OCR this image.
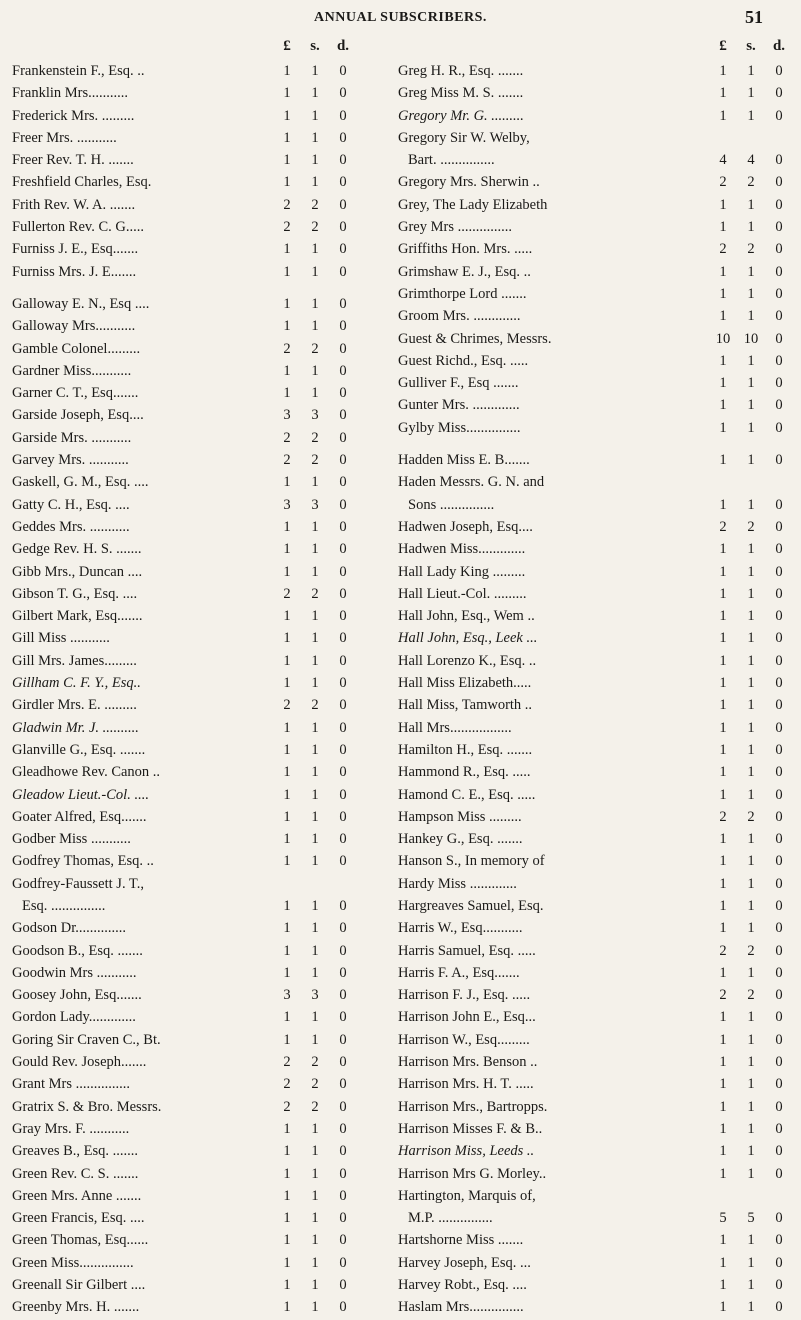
ANNUAL SUBSCRIBERS.	51
£	s.	d.
Frankenstein F., Esq. ..	1	1	0
Franklin Mrs...........	1	1	0
Frederick Mrs. .........	1	1	0
Freer Mrs. ...........	1	1	0
Freer Rev. T. H. .......	1	1	0
Freshfield Charles, Esq.	1	1	0
Frith Rev. W. A. .......	2	2	0
Fullerton Rev. C. G.....	2	2	0
Furniss J. E., Esq.......	1	1	0
Furniss Mrs. J. E.......	1	1	0
Galloway E. N., Esq ....	1	1	0
Galloway Mrs...........	1	1	0
Gamble Colonel.........	2	2	0
Gardner Miss...........	1	1	0
Garner C. T., Esq.......	1	1	0
Garside Joseph, Esq....	3	3	0
Garside Mrs. ...........	2	2	0
Garvey Mrs. ...........	2	2	0
Gaskell, G. M., Esq. ....	1	1	0
Gatty C. H., Esq. ....	3	3	0
Geddes Mrs. ...........	1	1	0
Gedge Rev. H. S. .......	1	1	0
Gibb Mrs., Duncan ....	1	1	0
Gibson T. G., Esq. ....	2	2	0
Gilbert Mark, Esq.......	1	1	0
Gill Miss ...........	1	1	0
Gill Mrs. James.........	1	1	0
Gillham C. F. Y., Esq..	1	1	0
Girdler Mrs. E. .........	2	2	0
Gladwin Mr. J. ..........	1	1	0
Glanville G., Esq. .......	1	1	0
Gleadhowe Rev. Canon ..	1	1	0
Gleadow Lieut.-Col. ....	1	1	0
Goater Alfred, Esq.......	1	1	0
Godber Miss ...........	1	1	0
Godfrey Thomas, Esq. ..	1	1	0
Godfrey-Faussett J. T.,
Esq. ...............	1	1	0
Godson Dr..............	1	1	0
Goodson B., Esq. .......	1	1	0
Goodwin Mrs ...........	1	1	0
Goosey John, Esq.......	3	3	0
Gordon Lady.............	1	1	0
Goring Sir Craven C., Bt.	1	1	0
Gould Rev. Joseph.......	2	2	0
Grant Mrs ...............	2	2	0
Gratrix S. & Bro. Messrs.	2	2	0
Gray Mrs. F. ...........	1	1	0
Greaves B., Esq. .......	1	1	0
Green Rev. C. S. .......	1	1	0
Green Mrs. Anne .......	1	1	0
Green Francis, Esq. ....	1	1	0
Green Thomas, Esq......	1	1	0
Green Miss...............	1	1	0
Greenall Sir Gilbert ....	1	1	0
Greenby Mrs. H. .......	1	1	0
£	s.	d.
Greg H. R., Esq. .......	1	1	0
Greg Miss M. S. .......	1	1	0
Gregory Mr. G. .........	1	1	0
Gregory Sir W. Welby,
Bart. ...............	4	4	0
Gregory Mrs. Sherwin ..	2	2	0
Grey, The Lady Elizabeth	1	1	0
Grey Mrs ...............	1	1	0
Griffiths Hon. Mrs. .....	2	2	0
Grimshaw E. J., Esq. ..	1	1	0
Grimthorpe Lord .......	1	1	0
Groom Mrs. .............	1	1	0
Guest & Chrimes, Messrs.	10 10	0
Guest Richd., Esq. .....	1	1	0
Gulliver F., Esq .......	1	1	0
Gunter Mrs. .............	1	1	0
Gylby Miss...............	1	1	0
Hadden Miss E. B.......	1	1	0
Haden Messrs. G. N. and
Sons ...............	1	1	0
Hadwen Joseph, Esq....	2	2	0
Hadwen Miss.............	1	1	0
Hall Lady King .........	1	1	0
Hall Lieut.-Col. .........	1	1	0
Hall John, Esq., Wem ..	1	1	0
Hall John, Esq., Leek ...	1	1	0
Hall Lorenzo K., Esq. ..	1	1	0
Hall Miss Elizabeth.....	1	1	0
Hall Miss, Tamworth ..	1	1	0
Hall Mrs.................	1	1	0
Hamilton H., Esq. .......	1	1	0
Hammond R., Esq. .....	1	1	0
Hamond C. E., Esq. .....	1	1	0
Hampson Miss .........	2	2	0
Hankey G., Esq. .......	1	1	0
Hanson S., In memory of	1	1	0
Hardy Miss .............	1	1	0
Hargreaves Samuel, Esq.	1	1	0
Harris W., Esq...........	1	1	0
Harris Samuel, Esq. .....	2	2	0
Harris F. A., Esq.......	1	1	0
Harrison F. J., Esq. .....	2	2	0
Harrison John E., Esq...	1	1	0
Harrison W., Esq.........	1	1	0
Harrison Mrs. Benson ..	1	1	0
Harrison Mrs. H. T. .....	1	1	0
Harrison Mrs., Bartropps.	1	1	0
Harrison Misses F. & B..	1	1	0
Harrison Miss, Leeds ..	1	1	0
Harrison Mrs G. Morley..	1	1	0
Hartington, Marquis of,
M.P. ...............	5	5	0
Hartshorne Miss .......	1	1	0
Harvey Joseph, Esq. ...	1	1	0
Harvey Robt., Esq. ....	1	1	0
Haslam Mrs...............	1	1	0
